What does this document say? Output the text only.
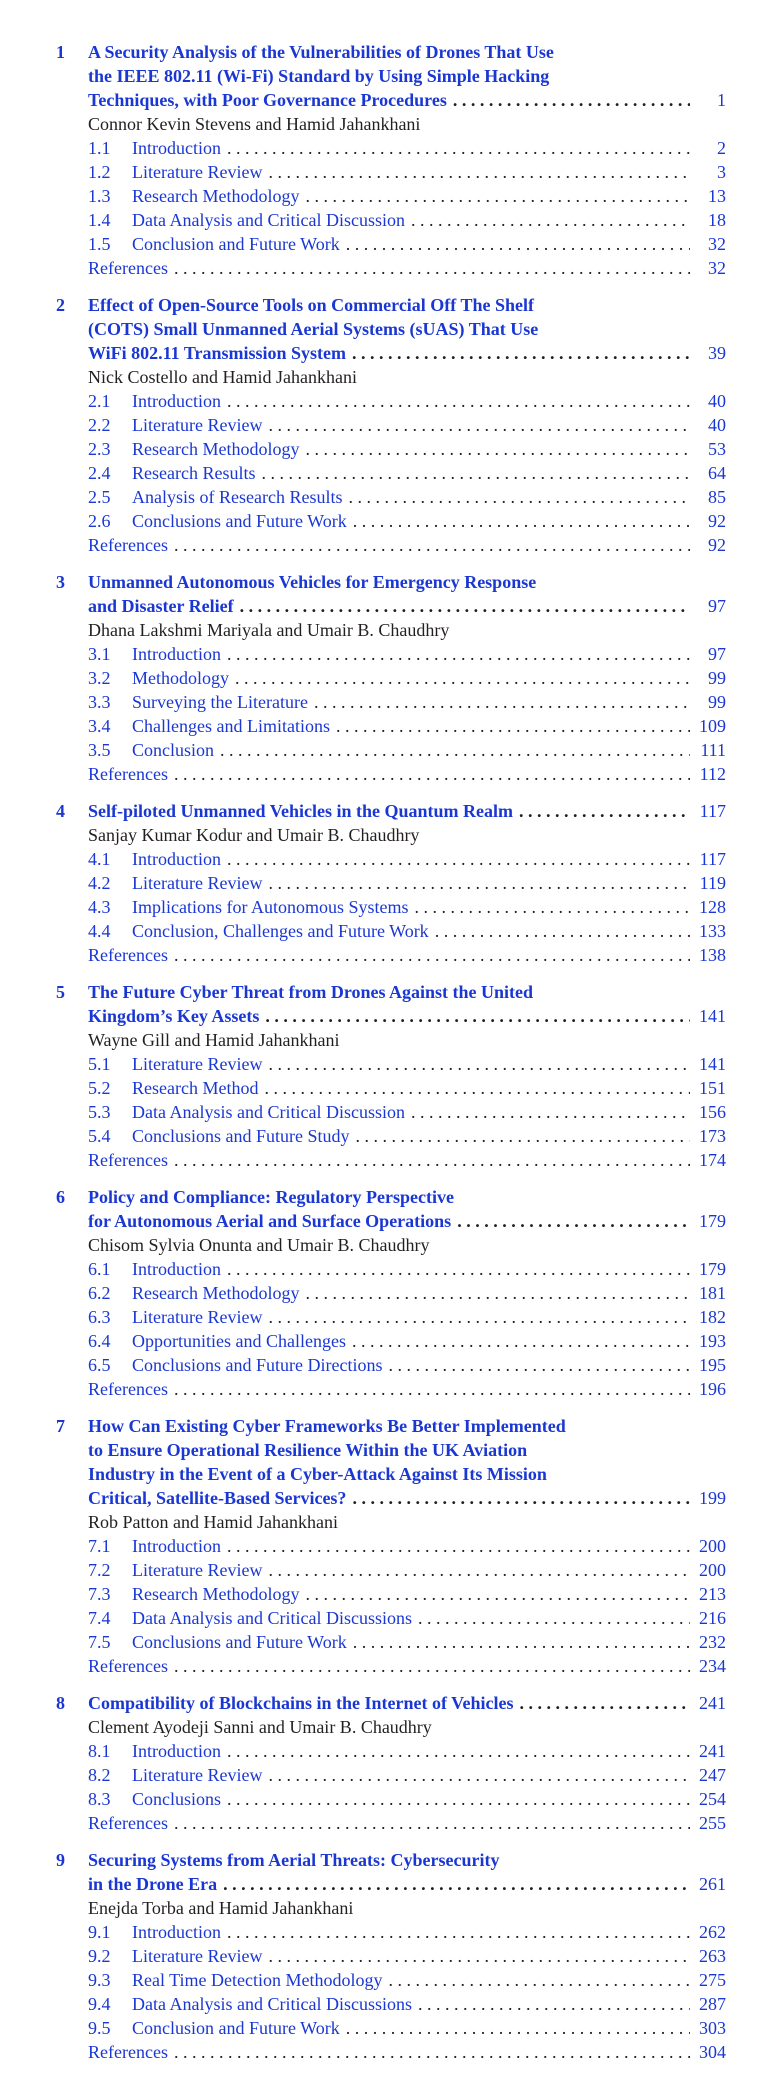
1 A Security Analysis of the Vulnerabilities of Drones That Use
the IEEE 802.11 (Wi-Fi) Standard by Using Simple Hacking
Techniques, with Poor Governance Procedures . . .	1
Connor Kevin Stevens and Hamid Jahankhani
1.1	Introduction . . .	2
1.2	Literature Review . . .	3
1.3	Research Methodology . . .	13
1.4	Data Analysis and Critical Discussion . . .	18
1.5	Conclusion and Future Work . . .	32
References . . .	32
2 Effect of Open-Source Tools on Commercial Off The Shelf
(COTS) Small Unmanned Aerial Systems (sUAS) That Use
WiFi 802.11 Transmission System . . .	39
Nick Costello and Hamid Jahankhani
2.1	Introduction . . .	40
2.2	Literature Review . . .	40
2.3	Research Methodology . . .	53
2.4	Research Results . . .	64
2.5	Analysis of Research Results . . .	85
2.6	Conclusions and Future Work . . .	92
References . . .	92
3 Unmanned Autonomous Vehicles for Emergency Response
and Disaster Relief . . .	97
Dhana Lakshmi Mariyala and Umair B. Chaudhry
3.1	Introduction . . .	97
3.2	Methodology . . .	99
3.3	Surveying the Literature . . .	99
3.4	Challenges and Limitations . . .	109
3.5	Conclusion . . .	111
References . . .	112
4 Self-piloted Unmanned Vehicles in the Quantum Realm . . .	117
Sanjay Kumar Kodur and Umair B. Chaudhry
4.1	Introduction . . .	117
4.2	Literature Review . . .	119
4.3	Implications for Autonomous Systems . . .	128
4.4	Conclusion, Challenges and Future Work . . .	133
References . . .	138
5 The Future Cyber Threat from Drones Against the United
Kingdom’s Key Assets . . .	141
Wayne Gill and Hamid Jahankhani
5.1	Literature Review . . .	141
5.2	Research Method . . .	151
5.3	Data Analysis and Critical Discussion . . .	156
5.4	Conclusions and Future Study . . .	173
References . . .	174
6 Policy and Compliance: Regulatory Perspective
for Autonomous Aerial and Surface Operations . . .	179
Chisom Sylvia Onunta and Umair B. Chaudhry
6.1	Introduction . . .	179
6.2	Research Methodology . . .	181
6.3	Literature Review . . .	182
6.4	Opportunities and Challenges . . .	193
6.5	Conclusions and Future Directions . . .	195
References . . .	196
7 How Can Existing Cyber Frameworks Be Better Implemented
to Ensure Operational Resilience Within the UK Aviation
Industry in the Event of a Cyber-Attack Against Its Mission
Critical, Satellite-Based Services? . . .	199
Rob Patton and Hamid Jahankhani
7.1	Introduction . . .	200
7.2	Literature Review . . .	200
7.3	Research Methodology . . .	213
7.4	Data Analysis and Critical Discussions . . .	216
7.5	Conclusions and Future Work . . .	232
References . . .	234
8 Compatibility of Blockchains in the Internet of Vehicles . . .	241
Clement Ayodeji Sanni and Umair B. Chaudhry
8.1	Introduction . . .	241
8.2	Literature Review . . .	247
8.3	Conclusions . . .	254
References . . .	255
9 Securing Systems from Aerial Threats: Cybersecurity
in the Drone Era . . .	261
Enejda Torba and Hamid Jahankhani
9.1	Introduction . . .	262
9.2	Literature Review . . .	263
9.3	Real Time Detection Methodology . . .	275
9.4	Data Analysis and Critical Discussions . . .	287
9.5	Conclusion and Future Work . . .	303
References . . .	304
